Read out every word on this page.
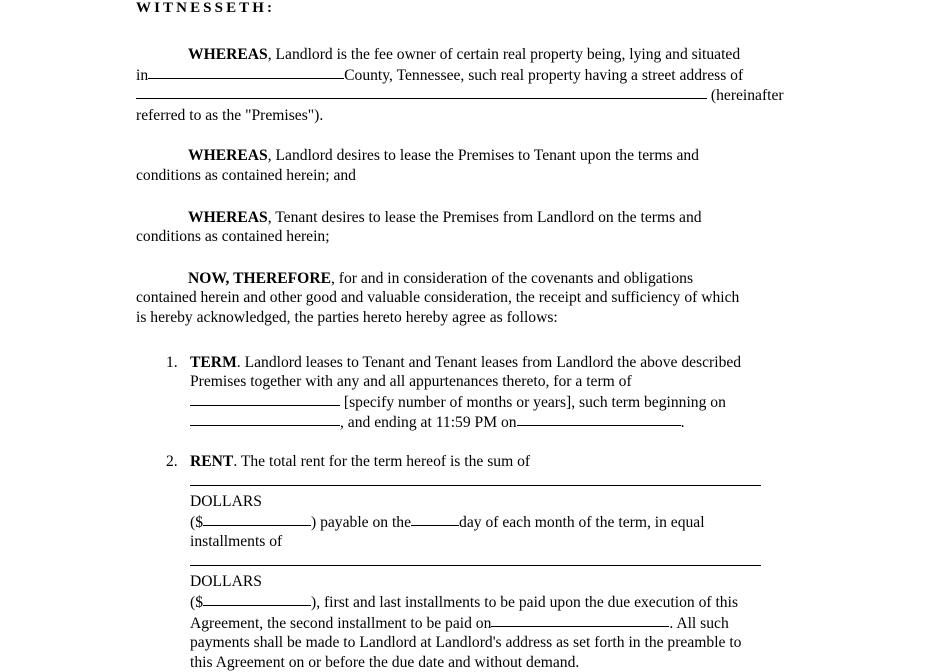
WITNESSETH:
WHEREAS, Landlord is the fee owner of certain real property being, lying and situated
in	County, Tennessee, such real property having a street address of
(hereinafter
referred to as the "Premises").
WHEREAS, Landlord desires to lease the Premises to Tenant upon the terms and
conditions as contained herein; and
WHEREAS, Tenant desires to lease the Premises from Landlord on the terms and
conditions as contained herein;
NOW, THEREFORE, for and in consideration of the covenants and obligations
contained herein and other good and valuable consideration, the receipt and sufficiency of which
is hereby acknowledged, the parties hereto hereby agree as follows:
1. TERM. Landlord leases to Tenant and Tenant leases from Landlord the above described
Premises together with any and all appurtenances thereto, for a term of
[specify number of months or years], such term beginning on
, and ending at 11:59 PM on	.
2. RENT. The total rent for the term hereof is the sum of
DOLLARS
($	) payable on the	day of each month of the term, in equal
installments of
DOLLARS
($	), first and last installments to be paid upon the due execution of this
Agreement, the second installment to be paid on	. All such
payments shall be made to Landlord at Landlord's address as set forth in the preamble to
this Agreement on or before the due date and without demand.
